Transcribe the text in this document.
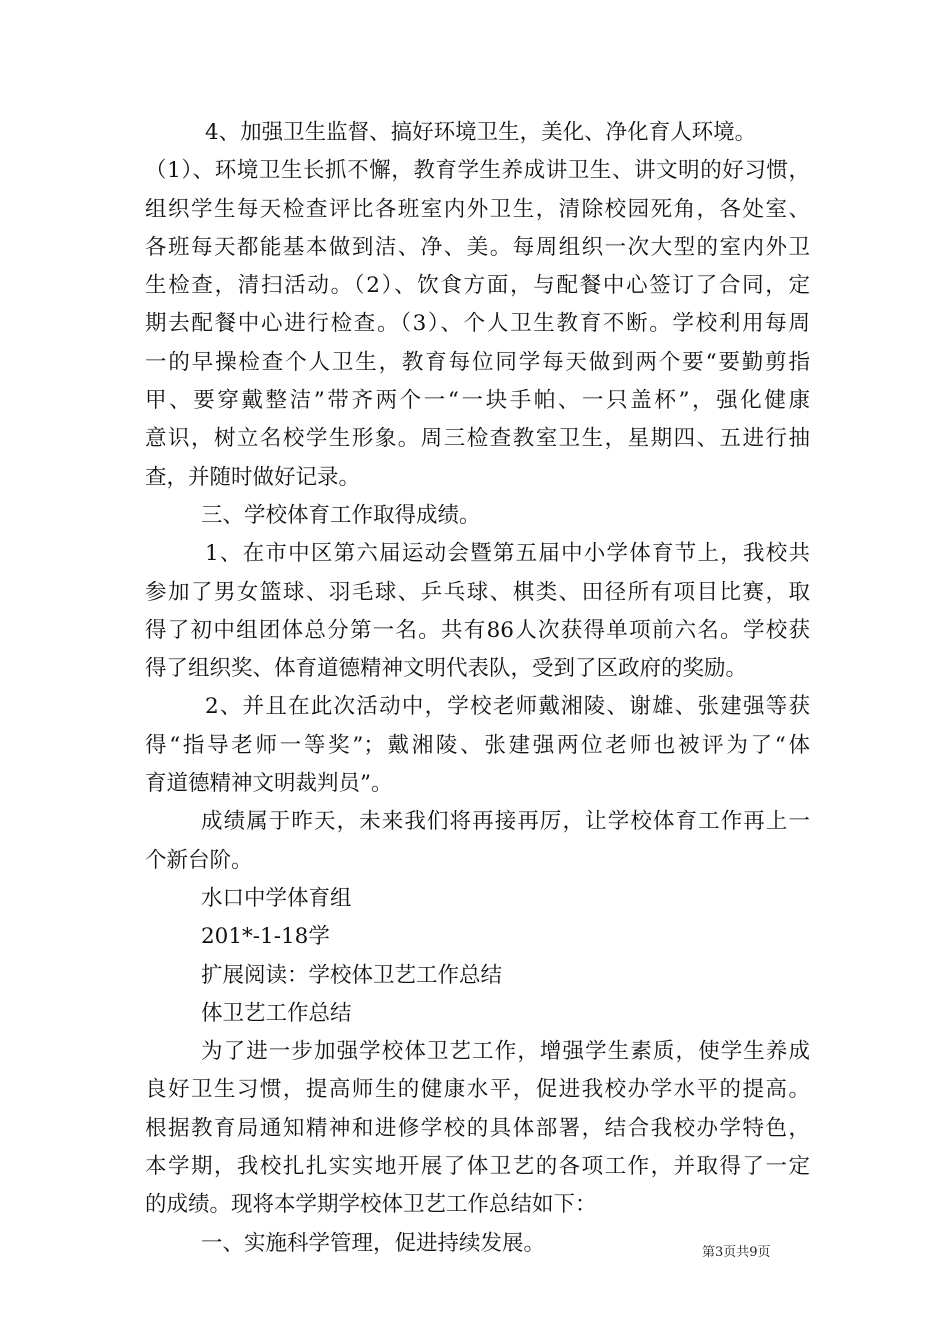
4、加强卫生监督、搞好环境卫生，美化、净化育人环境。
（1）、环境卫生长抓不懈，教育学生养成讲卫生、讲文明的好习惯，
组织学生每天检查评比各班室内外卫生，清除校园死角，各处室、
各班每天都能基本做到洁、净、美。每周组织一次大型的室内外卫
生检查，清扫活动。（2）、饮食方面，与配餐中心签订了合同，定
期去配餐中心进行检查。（3）、个人卫生教育不断。学校利用每周
一的早操检查个人卫生，教育每位同学每天做到两个要“要勤剪指
甲、要穿戴整洁”带齐两个一“一块手帕、一只盖杯”，强化健康
意识，树立名校学生形象。周三检查教室卫生，星期四、五进行抽
查，并随时做好记录。
三、学校体育工作取得成绩。
1、在市中区第六届运动会暨第五届中小学体育节上，我校共
参加了男女篮球、羽毛球、乒乓球、棋类、田径所有项目比赛，取
得了初中组团体总分第一名。共有86人次获得单项前六名。学校获
得了组织奖、体育道德精神文明代表队，受到了区政府的奖励。
2、并且在此次活动中，学校老师戴湘陵、谢雄、张建强等获
得“指导老师一等奖”；戴湘陵、张建强两位老师也被评为了“体
育道德精神文明裁判员”。
成绩属于昨天，未来我们将再接再厉，让学校体育工作再上一
个新台阶。
水口中学体育组
201*-1-18学
扩展阅读：学校体卫艺工作总结
体卫艺工作总结
为了进一步加强学校体卫艺工作，增强学生素质，使学生养成
良好卫生习惯，提高师生的健康水平，促进我校办学水平的提高。
根据教育局通知精神和进修学校的具体部署，结合我校办学特色，
本学期，我校扎扎实实地开展了体卫艺的各项工作，并取得了一定
的成绩。现将本学期学校体卫艺工作总结如下：
一、实施科学管理，促进持续发展。	第3页共9页
